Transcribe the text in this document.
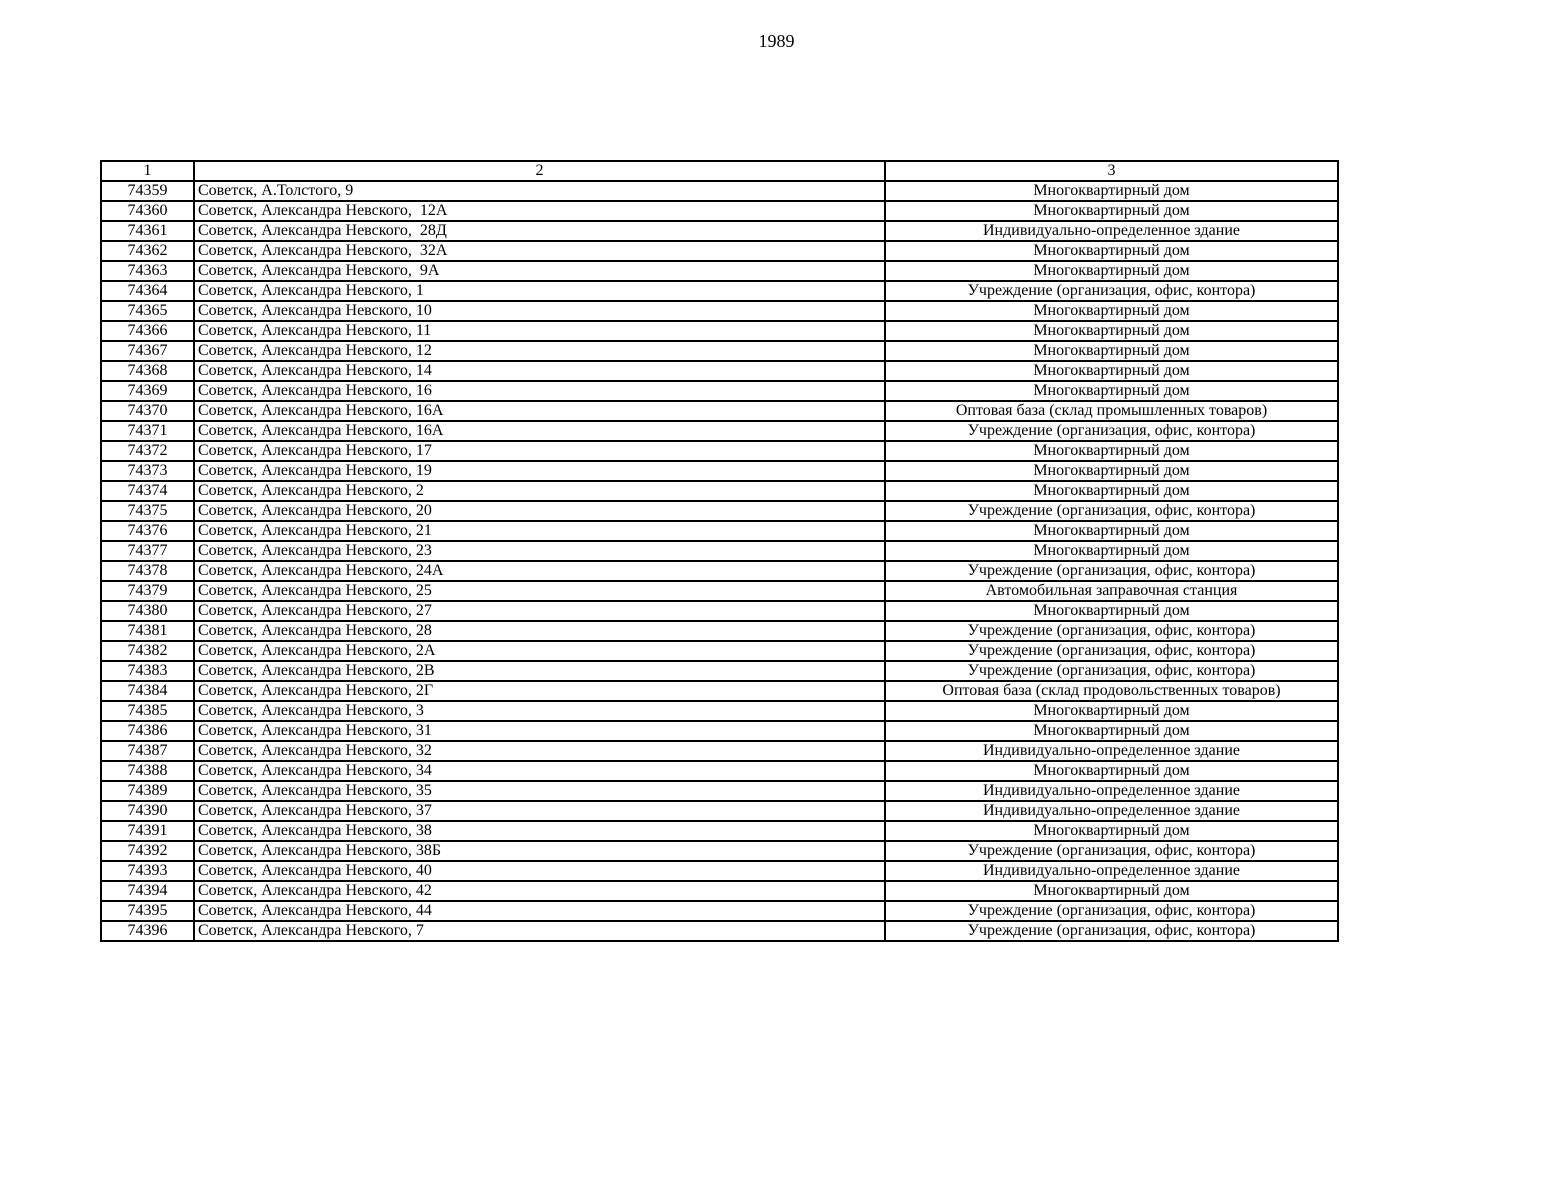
1989
1	2	3
74359	Советск, А.Толстого, 9	Многоквартирный дом
74360	Советск, Александра Невского,  12А	Многоквартирный дом
74361	Советск, Александра Невского,  28Д	Индивидуально-определенное здание
74362	Советск, Александра Невского,  32А	Многоквартирный дом
74363	Советск, Александра Невского,  9А	Многоквартирный дом
74364	Советск, Александра Невского, 1	Учреждение (организация, офис, контора)
74365	Советск, Александра Невского, 10	Многоквартирный дом
74366	Советск, Александра Невского, 11	Многоквартирный дом
74367	Советск, Александра Невского, 12	Многоквартирный дом
74368	Советск, Александра Невского, 14	Многоквартирный дом
74369	Советск, Александра Невского, 16	Многоквартирный дом
74370	Советск, Александра Невского, 16А	Оптовая база (склад промышленных товаров)
74371	Советск, Александра Невского, 16А	Учреждение (организация, офис, контора)
74372	Советск, Александра Невского, 17	Многоквартирный дом
74373	Советск, Александра Невского, 19	Многоквартирный дом
74374	Советск, Александра Невского, 2	Многоквартирный дом
74375	Советск, Александра Невского, 20	Учреждение (организация, офис, контора)
74376	Советск, Александра Невского, 21	Многоквартирный дом
74377	Советск, Александра Невского, 23	Многоквартирный дом
74378	Советск, Александра Невского, 24А	Учреждение (организация, офис, контора)
74379	Советск, Александра Невского, 25	Автомобильная заправочная станция
74380	Советск, Александра Невского, 27	Многоквартирный дом
74381	Советск, Александра Невского, 28	Учреждение (организация, офис, контора)
74382	Советск, Александра Невского, 2А	Учреждение (организация, офис, контора)
74383	Советск, Александра Невского, 2В	Учреждение (организация, офис, контора)
74384	Советск, Александра Невского, 2Г	Оптовая база (склад продовольственных товаров)
74385	Советск, Александра Невского, 3	Многоквартирный дом
74386	Советск, Александра Невского, 31	Многоквартирный дом
74387	Советск, Александра Невского, 32	Индивидуально-определенное здание
74388	Советск, Александра Невского, 34	Многоквартирный дом
74389	Советск, Александра Невского, 35	Индивидуально-определенное здание
74390	Советск, Александра Невского, 37	Индивидуально-определенное здание
74391	Советск, Александра Невского, 38	Многоквартирный дом
74392	Советск, Александра Невского, 38Б	Учреждение (организация, офис, контора)
74393	Советск, Александра Невского, 40	Индивидуально-определенное здание
74394	Советск, Александра Невского, 42	Многоквартирный дом
74395	Советск, Александра Невского, 44	Учреждение (организация, офис, контора)
74396	Советск, Александра Невского, 7	Учреждение (организация, офис, контора)
